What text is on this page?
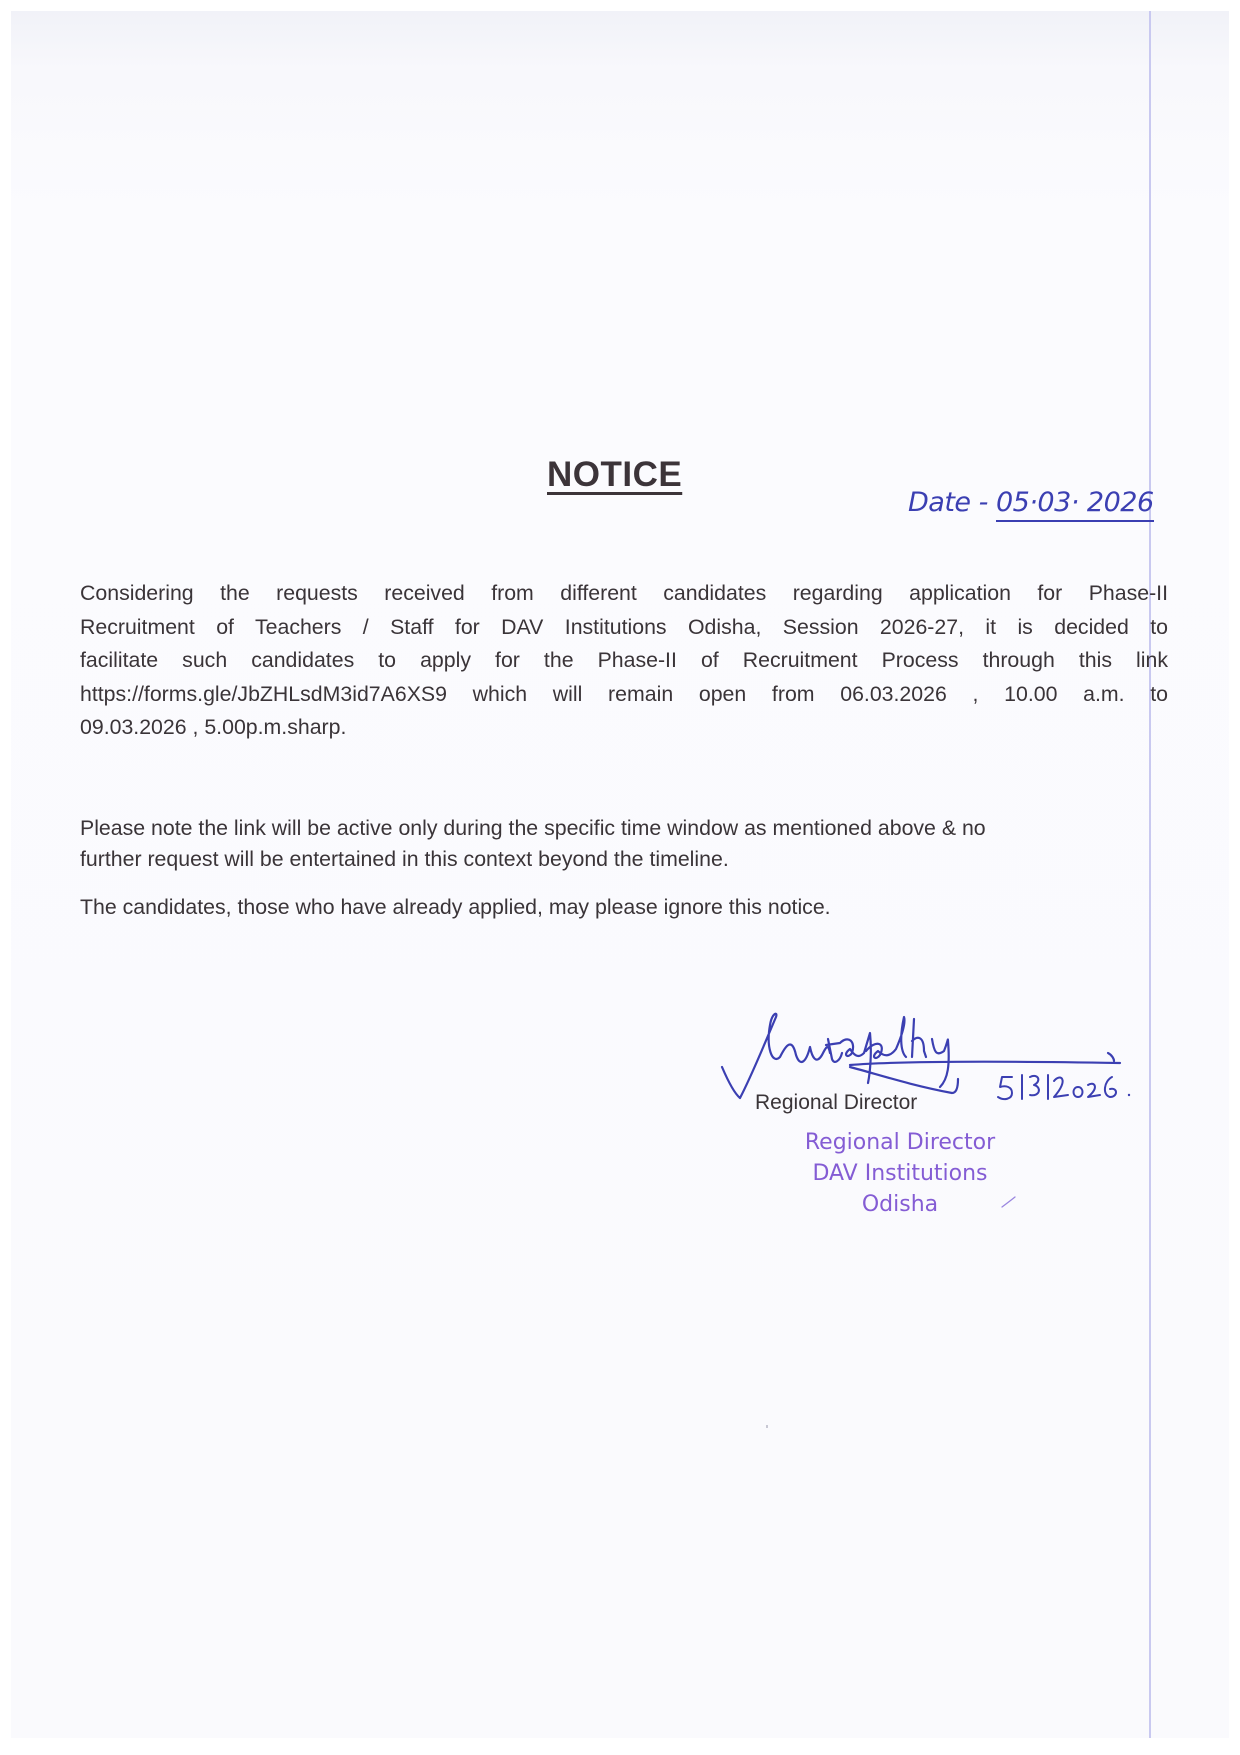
NOTICE
Date - 05·03· 2026
Considering the requests received from different candidates regarding application for Phase-II
Recruitment of Teachers / Staff for DAV Institutions Odisha, Session 2026-27, it is decided to
facilitate such candidates to apply for the Phase-II of Recruitment Process through this link
https://forms.gle/JbZHLsdM3id7A6XS9 which will remain open from 06.03.2026 , 10.00 a.m. to
09.03.2026 , 5.00p.m.sharp.
Please note the link will be active only during the specific time window as mentioned above & no
further request will be entertained in this context beyond the timeline.
The candidates, those who have already applied, may please ignore this notice.
Regional Director
Regional Director
DAV Institutions
Odisha
